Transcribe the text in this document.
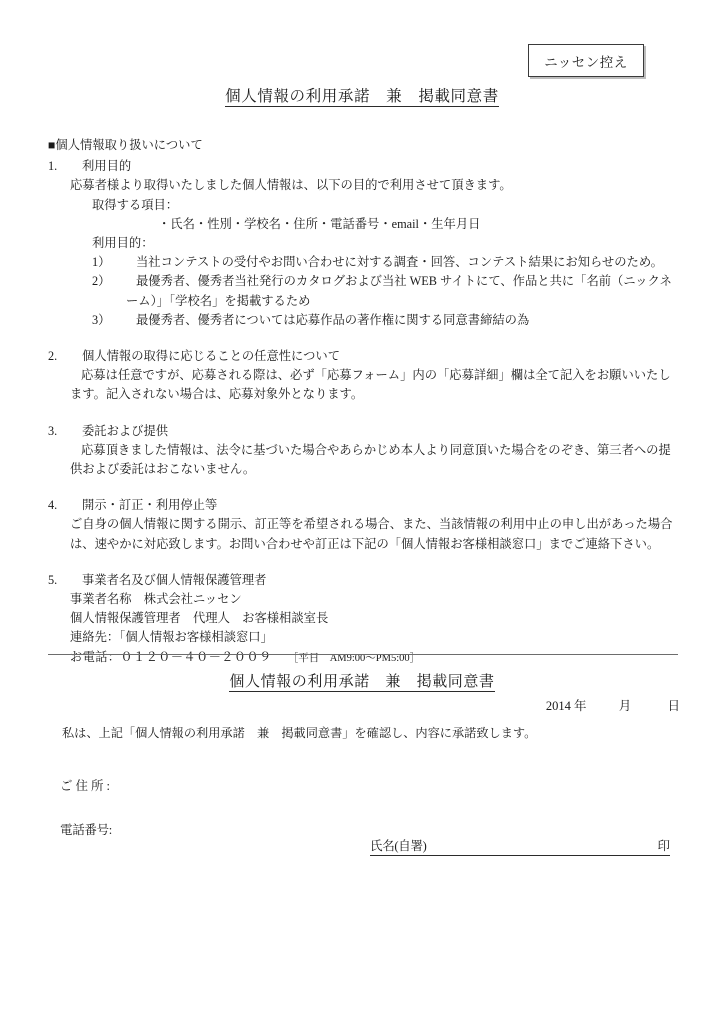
ニッセン控え
個人情報の利用承諾　兼　掲載同意書
■個人情報取り扱いについて
1.	利用目的
応募者様より取得いたしました個人情報は、以下の目的で利用させて頂きます。
取得する項目：
・氏名・性別・学校名・住所・電話番号・email・生年月日
利用目的：
1）	当社コンテストの受付やお問い合わせに対する調査・回答、コンテスト結果にお知らせのため。
2）	最優秀者、優秀者当社発行のカタログおよび当社 WEB サイトにて、作品と共に「名前（ニックネ
ーム）」「学校名」を掲載するため
3）	最優秀者、優秀者については応募作品の著作権に関する同意書締結の為
2.	個人情報の取得に応じることの任意性について
応募は任意ですが、応募される際は、必ず「応募フォーム」内の「応募詳細」欄は全て記入をお願いいたし
ます。記入されない場合は、応募対象外となります。
3.	委託および提供
応募頂きました情報は、法令に基づいた場合やあらかじめ本人より同意頂いた場合をのぞき、第三者への提
供および委託はおこないません。
4.	開示・訂正・利用停止等
ご自身の個人情報に関する開示、訂正等を希望される場合、また、当該情報の利用中止の申し出があった場合
は、速やかに対応致します。お問い合わせや訂正は下記の「個人情報お客様相談窓口」までご連絡下さい。
5.	事業者名及び個人情報保護管理者
事業者名称　株式会社ニッセン
個人情報保護管理者　代理人　お客様相談室長
連絡先：「個人情報お客様相談窓口」
お電話：０１２０－４０－２００９ ［平日　AM9:00～PM5:00］
個人情報の利用承諾　兼　掲載同意書
2014 年	月	日
私は、上記「個人情報の利用承諾　兼　掲載同意書」を確認し、内容に承諾致します。
ご住所:
電話番号:
氏名(自署)	印
